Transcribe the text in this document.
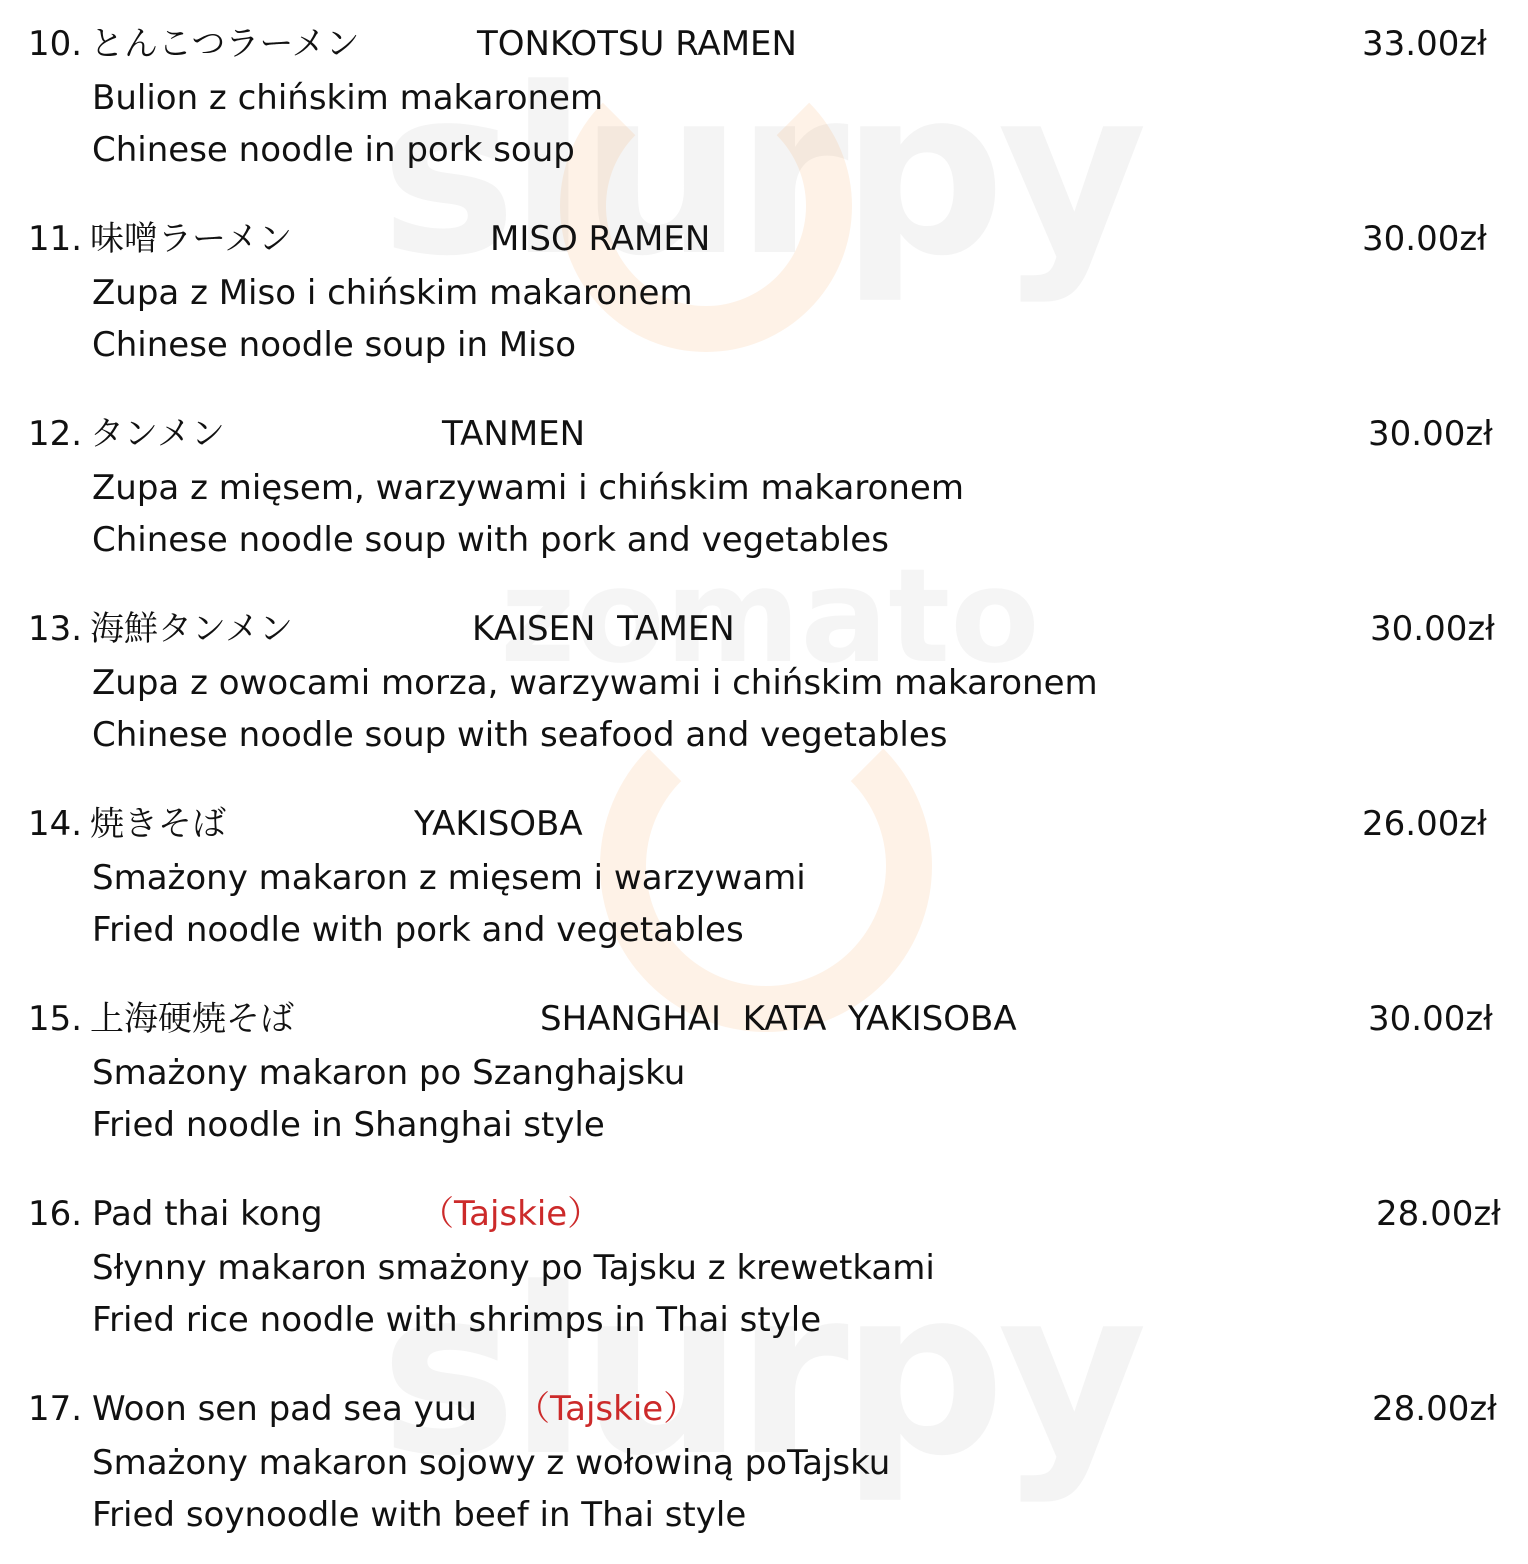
10. とんこつラーメン	TONKOTSU RAMEN	33.00zł
Bulion z chińskim makaronem
Chinese noodle in pork soup
11. 味噌ラーメン	MISO RAMEN	30.00zł
Zupa z Miso i chińskim makaronem
Chinese noodle soup in Miso
12. タンメン	TANMEN	30.00zł
Zupa z mięsem, warzywami i chińskim makaronem
Chinese noodle soup with pork and vegetables
13. 海鮮タンメン	KAISEN  TAMEN	30.00zł
Zupa z owocami morza, warzywami i chińskim makaronem
Chinese noodle soup with seafood and vegetables
14. 焼きそば	YAKISOBA	26.00zł
Smażony makaron z mięsem i warzywami
Fried noodle with pork and vegetables
15. 上海硬焼そば	SHANGHAI  KATA  YAKISOBA	30.00zł
Smażony makaron po Szanghajsku
Fried noodle in Shanghai style
16. Pad thai kong	（Tajskie）	28.00zł
Słynny makaron smażony po Tajsku z krewetkami
Fried rice noodle with shrimps in Thai style
17. Woon sen pad sea yuu （Tajskie）	28.00zł
Smażony makaron sojowy z wołowiną poTajsku
Fried soynoodle with beef in Thai style
